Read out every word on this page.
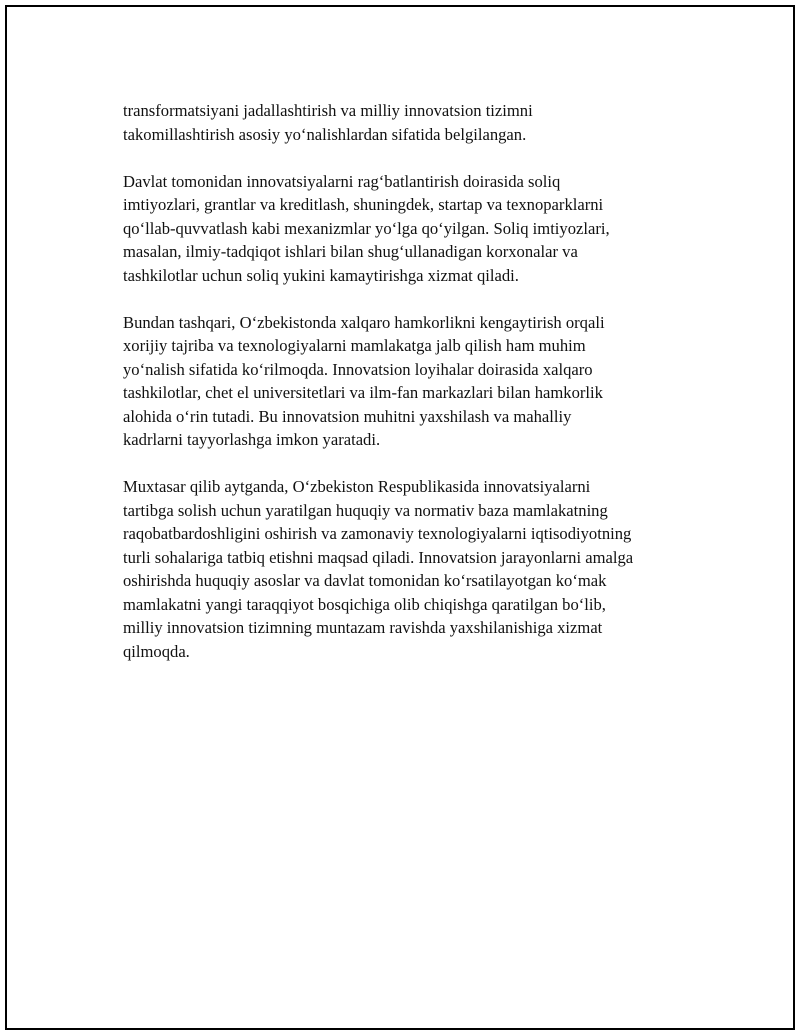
transformatsiyani jadallashtirish va milliy innovatsion tizimni
takomillashtirish asosiy yo‘nalishlardan sifatida belgilangan.

Davlat tomonidan innovatsiyalarni rag‘batlantirish doirasida soliq
imtiyozlari, grantlar va kreditlash, shuningdek, startap va texnoparklarni
qo‘llab-quvvatlash kabi mexanizmlar yo‘lga qo‘yilgan. Soliq imtiyozlari,
masalan, ilmiy-tadqiqot ishlari bilan shug‘ullanadigan korxonalar va
tashkilotlar uchun soliq yukini kamaytirishga xizmat qiladi.

Bundan tashqari, O‘zbekistonda xalqaro hamkorlikni kengaytirish orqali
xorijiy tajriba va texnologiyalarni mamlakatga jalb qilish ham muhim
yo‘nalish sifatida ko‘rilmoqda. Innovatsion loyihalar doirasida xalqaro
tashkilotlar, chet el universitetlari va ilm-fan markazlari bilan hamkorlik
alohida o‘rin tutadi. Bu innovatsion muhitni yaxshilash va mahalliy
kadrlarni tayyorlashga imkon yaratadi.

Muxtasar qilib aytganda, O‘zbekiston Respublikasida innovatsiyalarni
tartibga solish uchun yaratilgan huquqiy va normativ baza mamlakatning
raqobatbardoshligini oshirish va zamonaviy texnologiyalarni iqtisodiyotning
turli sohalariga tatbiq etishni maqsad qiladi. Innovatsion jarayonlarni amalga
oshirishda huquqiy asoslar va davlat tomonidan ko‘rsatilayotgan ko‘mak
mamlakatni yangi taraqqiyot bosqichiga olib chiqishga qaratilgan bo‘lib,
milliy innovatsion tizimning muntazam ravishda yaxshilanishiga xizmat
qilmoqda.
